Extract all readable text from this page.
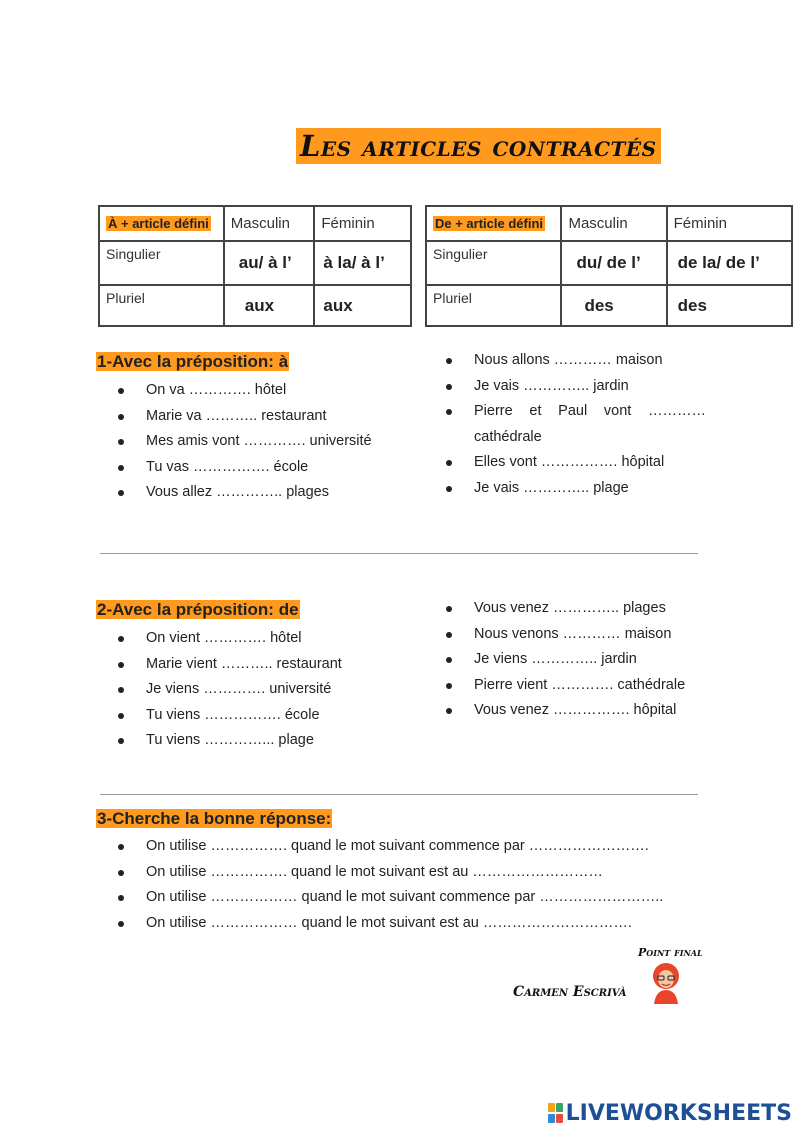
Les articles contractés
À + article défini	Masculin	Féminin
Singulier	au/ à l’	à la/ à l’
Pluriel	aux	aux
De + article défini	Masculin	Féminin
Singulier	du/ de l’	de la/ de l’
Pluriel	des	des
1-Avec la préposition: à
On va …………. hôtel
Marie va ……….. restaurant
Mes amis vont …………. université
Tu vas ……………. école
Vous allez ………….. plages
Nous allons ………… maison
Je vais ………….. jardin
Pierre et Paul vont …………
cathédrale
Elles vont ……………. hôpital
Je vais ………….. plage
2-Avec la préposition: de
On vient …………. hôtel
Marie vient ……….. restaurant
Je viens …………. université
Tu viens ……………. école
Tu viens …………... plage
Vous venez ………….. plages
Nous venons ………… maison
Je viens ………….. jardin
Pierre vient …………. cathédrale
Vous venez ……………. hôpital
3-Cherche la bonne réponse:
On utilise ……………. quand le mot suivant commence par …………………….
On utilise ……………. quand le mot suivant est au ………………………
On utilise ……………… quand le mot suivant commence par ……………………..
On utilise ……………… quand le mot suivant est au ………………………….
Point final
Carmen Escrivà
LIVEWORKSHEETS
